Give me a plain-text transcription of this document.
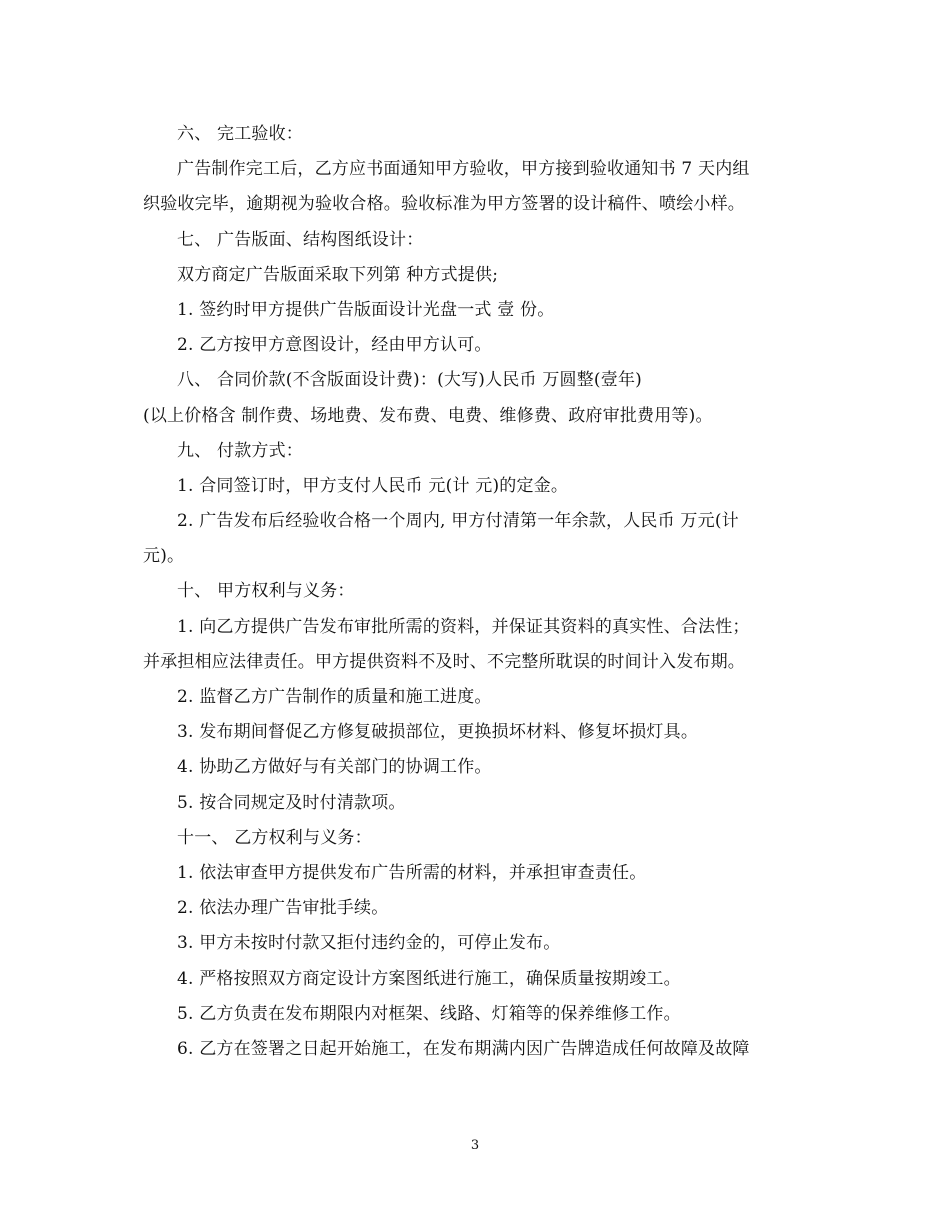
六、 完工验收：
广告制作完工后，乙方应书面通知甲方验收，甲方接到验收通知书 7 天内组
织验收完毕，逾期视为验收合格。验收标准为甲方签署的设计稿件、喷绘小样。
七、 广告版面、结构图纸设计：
双方商定广告版面采取下列第 种方式提供;
1. 签约时甲方提供广告版面设计光盘一式 壹 份。
2. 乙方按甲方意图设计，经由甲方认可。
八、 合同价款(不含版面设计费)：(大写)人民币 万圆整(壹年)
(以上价格含 制作费、场地费、发布费、电费、维修费、政府审批费用等)。
九、 付款方式：
1. 合同签订时，甲方支付人民币 元(计 元)的定金。
2. 广告发布后经验收合格一个周内, 甲方付清第一年余款，人民币 万元(计
元)。
十、 甲方权利与义务：
1. 向乙方提供广告发布审批所需的资料，并保证其资料的真实性、合法性；
并承担相应法律责任。甲方提供资料不及时、不完整所耽误的时间计入发布期。
2. 监督乙方广告制作的质量和施工进度。
3. 发布期间督促乙方修复破损部位，更换损坏材料、修复坏损灯具。
4. 协助乙方做好与有关部门的协调工作。
5. 按合同规定及时付清款项。
十一、 乙方权利与义务：
1. 依法审查甲方提供发布广告所需的材料，并承担审查责任。
2. 依法办理广告审批手续。
3. 甲方未按时付款又拒付违约金的，可停止发布。
4. 严格按照双方商定设计方案图纸进行施工，确保质量按期竣工。
5. 乙方负责在发布期限内对框架、线路、灯箱等的保养维修工作。
6. 乙方在签署之日起开始施工，在发布期满内因广告牌造成任何故障及故障
3
